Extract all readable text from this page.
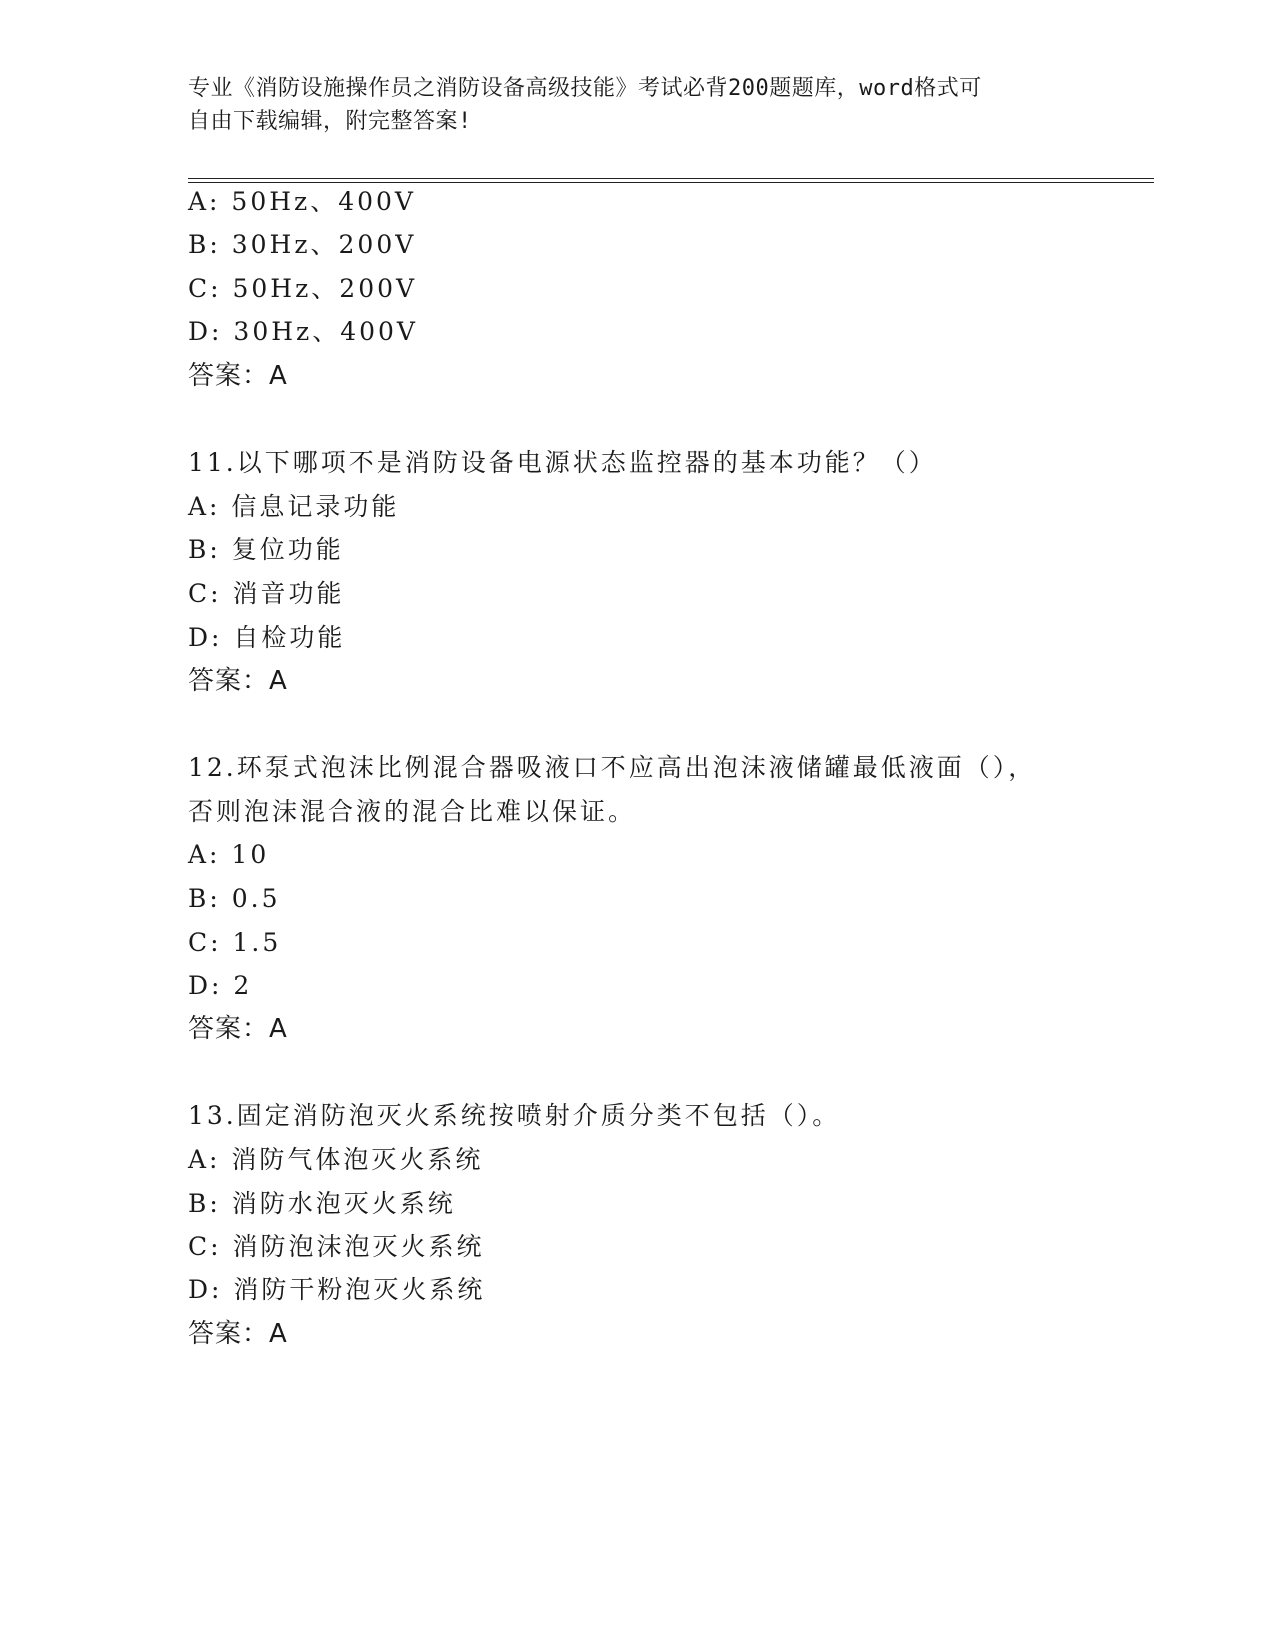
专业《消防设施操作员之消防设备高级技能》考试必背200题题库，word格式可
自由下载编辑，附完整答案!
A: 50Hz、400V
B: 30Hz、200V
C: 50Hz、200V
D: 30Hz、400V
答案：A
11.以下哪项不是消防设备电源状态监控器的基本功能？（）
A: 信息记录功能
B: 复位功能
C: 消音功能
D: 自检功能
答案：A
12.环泵式泡沫比例混合器吸液口不应高出泡沫液储罐最低液面（），
否则泡沫混合液的混合比难以保证。
A: 10
B: 0.5
C: 1.5
D: 2
答案：A
13.固定消防泡灭火系统按喷射介质分类不包括（）。
A: 消防气体泡灭火系统
B: 消防水泡灭火系统
C: 消防泡沫泡灭火系统
D: 消防干粉泡灭火系统
答案：A
